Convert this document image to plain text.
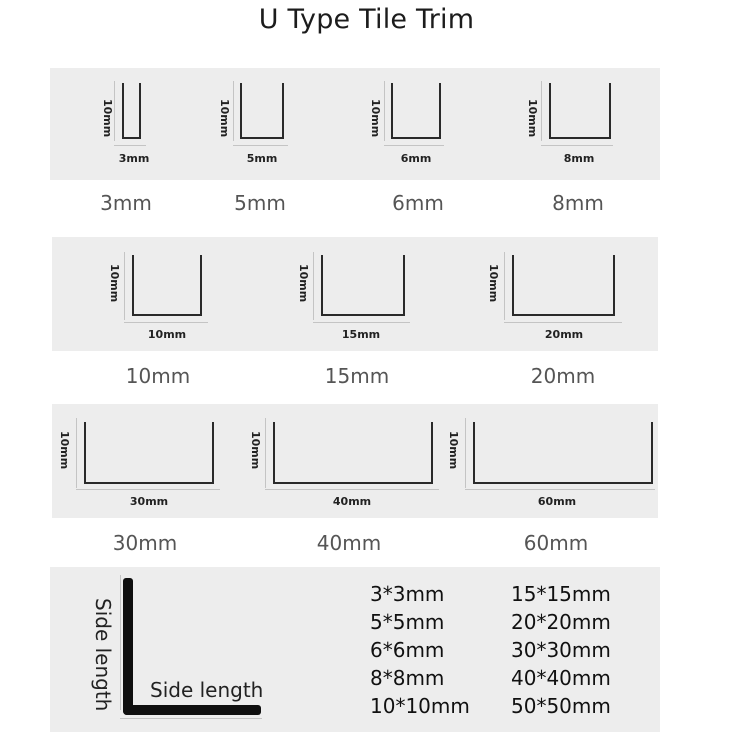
U Type Tile Trim
10mm
3mm
3mm
10mm
5mm
5mm
10mm
6mm
6mm
10mm
8mm
8mm
10mm
10mm
10mm
10mm
15mm
15mm
10mm
20mm
20mm
10mm
30mm
30mm
10mm
40mm
40mm
10mm
60mm
60mm
Side length Side length
3*3mm
5*5mm
6*6mm
8*8mm
10*10mm
15*15mm
20*20mm
30*30mm
40*40mm
50*50mm
